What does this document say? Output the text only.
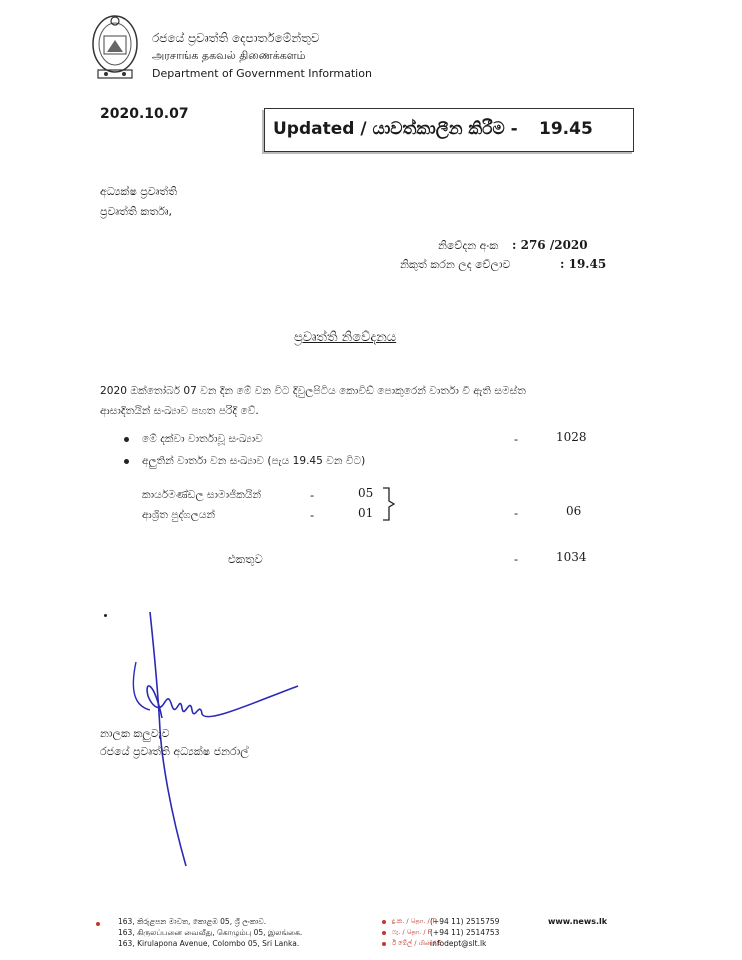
රජයේ ප්‍රවෘත්ති දෙපාර්තමේන්තුව
அரசாங்க தகவல் திணைக்களம்
Department of Government Information
2020.10.07
Updated / යාවත්කාලීන කිරීම - 19.45
අධ්‍යක්ෂ ප්‍රවෘත්ති
ප්‍රවෘත්ති කර්තෘ,
නිවේදන අංක : 276 /2020
නිකුත් කරන ලද වේලාව	: 19.45
ප්‍රවෘත්ති නිවේදනය
2020 ඔක්තෝබර් 07 වන දින මේ වන විට දිවුලපිටිය කොවිඩ් පොකුරෙන් වාර්තා වී ඇති සමස්ත
ආසාදිතයින් සංඛ්‍යාව පහත පරිදි වේ.
මේ දක්වා වාර්තාවූ සංඛ්‍යාව	-	1028
අලුතින් වාර්තා වන සංඛ්‍යාව (පැය 19.45 වන විට)
කාර්යමණ්ඩල සාමාජිකයින්	-	05
ආශ්‍රිත පුද්ගලයන්	-	01	-	06
එකතුව	-	1034
නාලක කලුවැව
රජයේ ප්‍රවෘත්ති අධ්‍යක්ෂ ජනරාල්
163, කිරුළපන මාවත, කොළඹ 05, ශ්‍රී ලංකාව.
163, கிருலப்பனை வைவீது, கொழும்பு 05, இலங்கை.
163, Kirulapona Avenue, Colombo 05, Sri Lanka.
දු.ක. / தொ. / T
(+94 11) 2515759
ෆැ. / தொ. / F
(+94 11) 2514753
ඊ මේල් / மின் / E
infodept@slt.lk
www.news.lk
